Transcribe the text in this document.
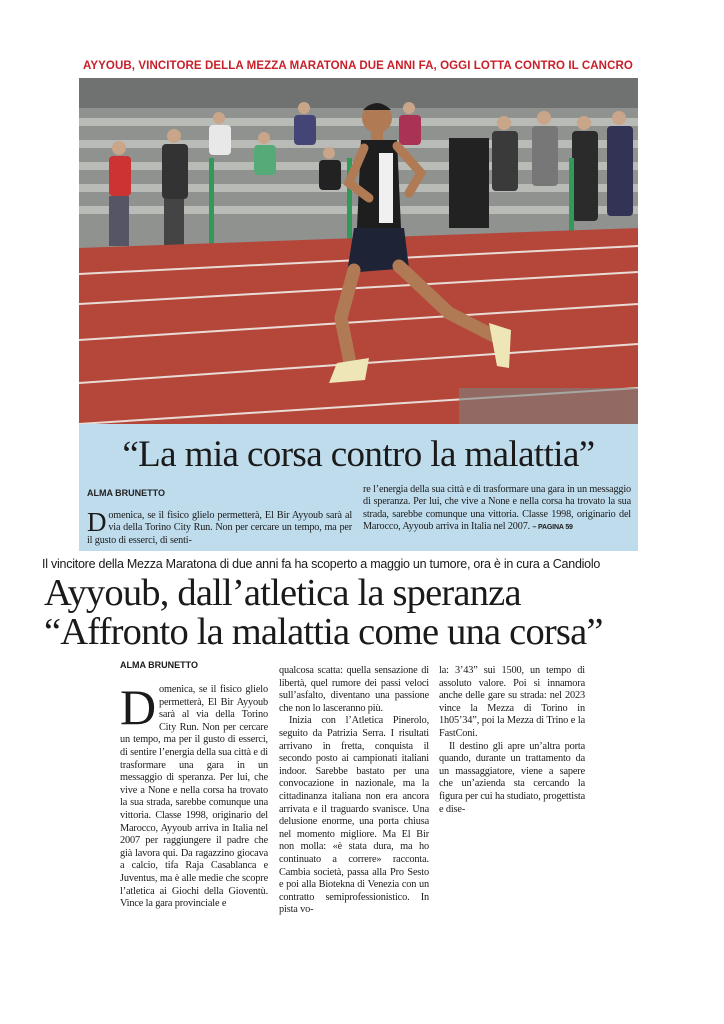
AYYOUB, VINCITORE DELLA MEZZA MARATONA DUE ANNI FA, OGGI LOTTA CONTRO IL CANCRO
“La mia corsa contro la malattia”
ALMA BRUNETTO
Domenica, se il fisico glielo permetterà, El Bir Ayyoub sarà al via della Torino City Run. Non per cercare un tempo, ma per il gusto di esserci, di senti-
re l’energia della sua città e di trasformare una gara in un messaggio di speranza. Per lui, che vive a None e nella corsa ha trovato la sua strada, sarebbe comunque una vittoria. Classe 1998, originario del Marocco, Ayyoub arriva in Italia nel 2007. – PAGINA 59
Il vincitore della Mezza Maratona di due anni fa ha scoperto a maggio un tumore, ora è in cura a Candiolo
Ayyoub, dall’atletica la speranza
“Affronto la malattia come una corsa”
ALMA BRUNETTO

Domenica, se il fisico glielo permetterà, El Bir Ayyoub sarà al via della Torino City Run. Non per cercare un tempo, ma per il gusto di esserci, di sentire l’energia della sua città e di trasformare una gara in un messaggio di speranza. Per lui, che vive a None e nella corsa ha trovato la sua strada, sarebbe comunque una vittoria. Classe 1998, originario del Marocco, Ayyoub arriva in Italia nel 2007 per raggiungere il padre che già lavora qui. Da ragazzino giocava a calcio, tifa Raja Casablanca e Juventus, ma è alle medie che scopre l’atletica ai Giochi della Gioventù. Vince la gara provinciale e

qualcosa scatta: quella sensazione di libertà, quel rumore dei passi veloci sull’asfalto, diventano una passione che non lo lasceranno più.

Inizia con l’Atletica Pinerolo, seguito da Patrizia Serra. I risultati arrivano in fretta, conquista il secondo posto ai campionati italiani indoor. Sarebbe bastato per una convocazione in nazionale, ma la cittadinanza italiana non era ancora arrivata e il traguardo svanisce. Una delusione enorme, una porta chiusa nel momento migliore. Ma El Bir non molla: «è stata dura, ma ho continuato a correre» racconta. Cambia società, passa alla Pro Sesto e poi alla Biotekna di Venezia con un contratto semiprofessionistico. In pista vo-

la: 3’43” sui 1500, un tempo di assoluto valore. Poi si innamora anche delle gare su strada: nel 2023 vince la Mezza di Torino in 1h05’34”, poi la Mezza di Trino e la FastConi.

Il destino gli apre un’altra porta quando, durante un trattamento da un massaggiatore, viene a sapere che un’azienda sta cercando la figura per cui ha studiato, progettista e dise-
